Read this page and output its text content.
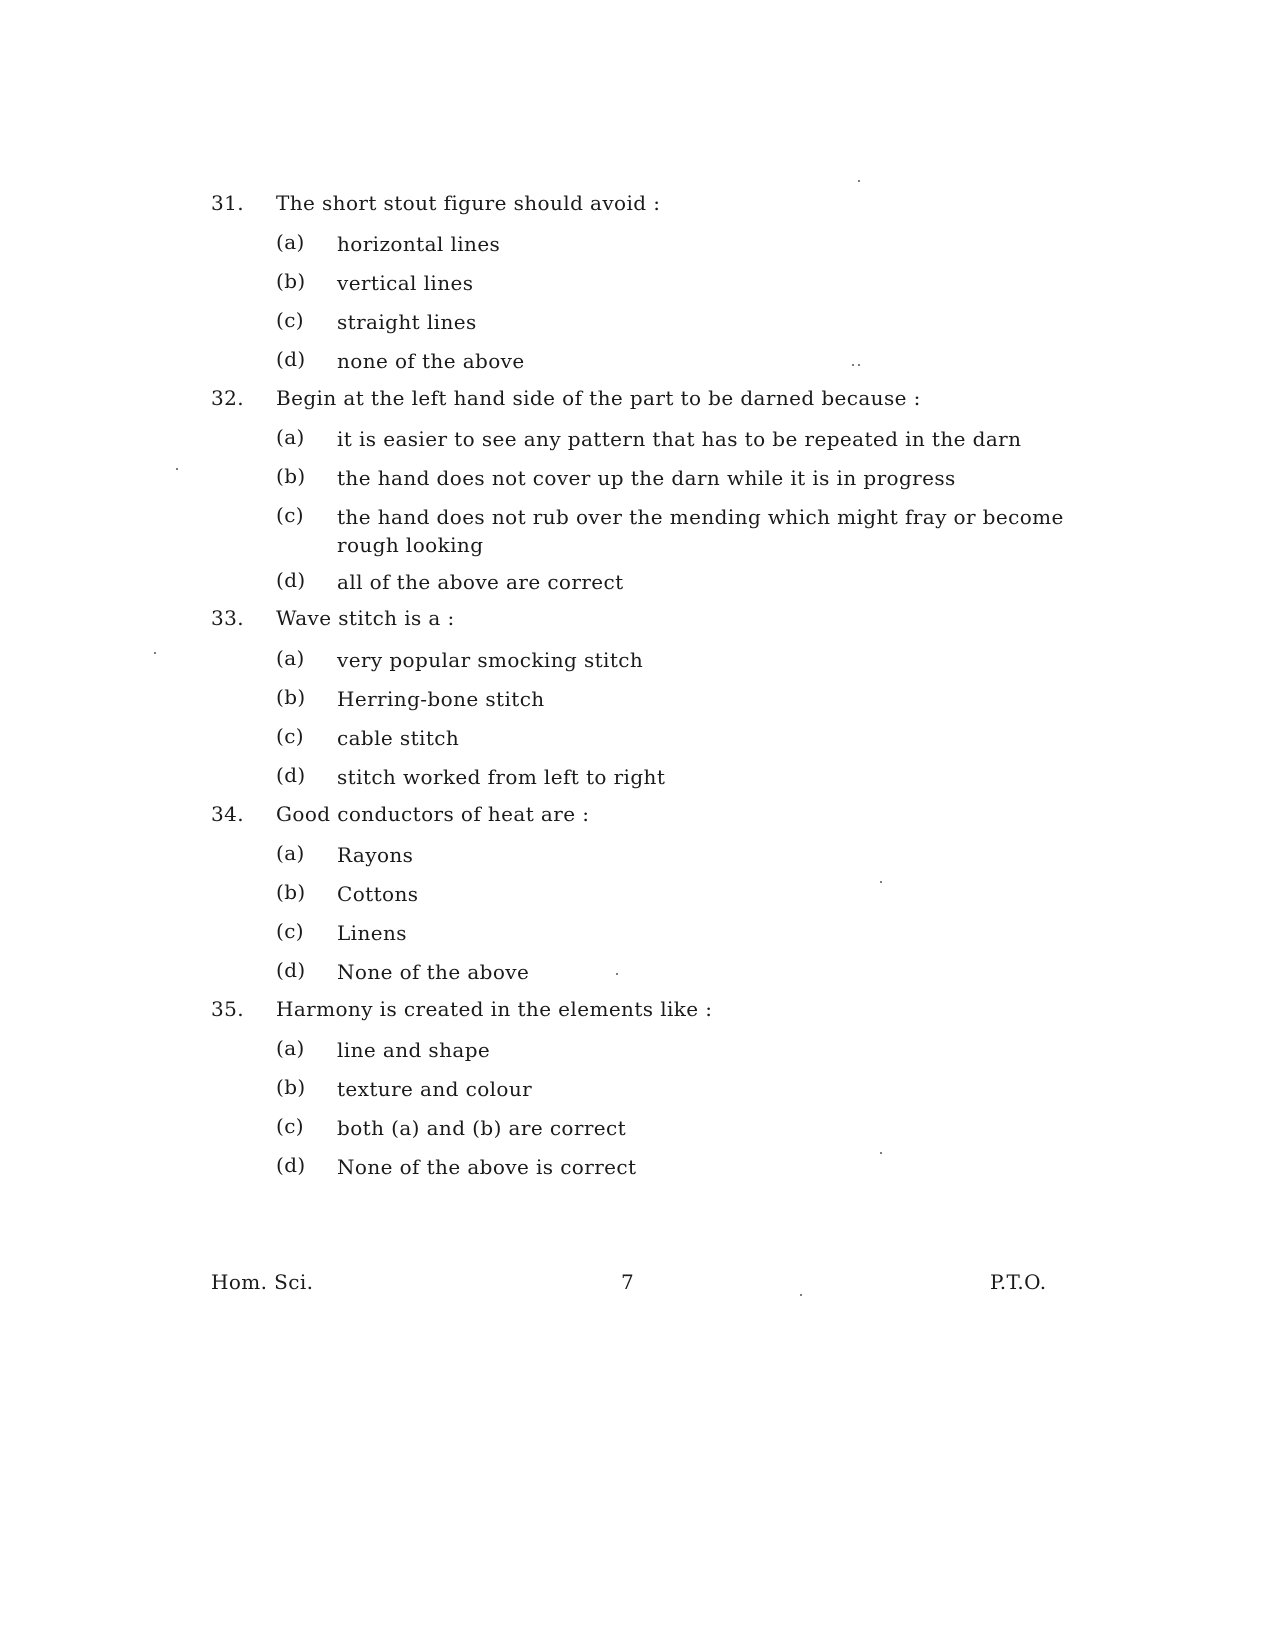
31. The short stout figure should avoid :
(a) horizontal lines
(b) vertical lines
(c) straight lines
(d) none of the above
32. Begin at the left hand side of the part to be darned because :
(a) it is easier to see any pattern that has to be repeated in the darn
(b) the hand does not cover up the darn while it is in progress
(c) the hand does not rub over the mending which might fray or become rough looking
(d) all of the above are correct
33. Wave stitch is a :
(a) very popular smocking stitch
(b) Herring-bone stitch
(c) cable stitch
(d) stitch worked from left to right
34. Good conductors of heat are :
(a) Rayons
(b) Cottons
(c) Linens
(d) None of the above
35. Harmony is created in the elements like :
(a) line and shape
(b) texture and colour
(c) both (a) and (b) are correct
(d) None of the above is correct
Hom. Sci.	7	P.T.O.
